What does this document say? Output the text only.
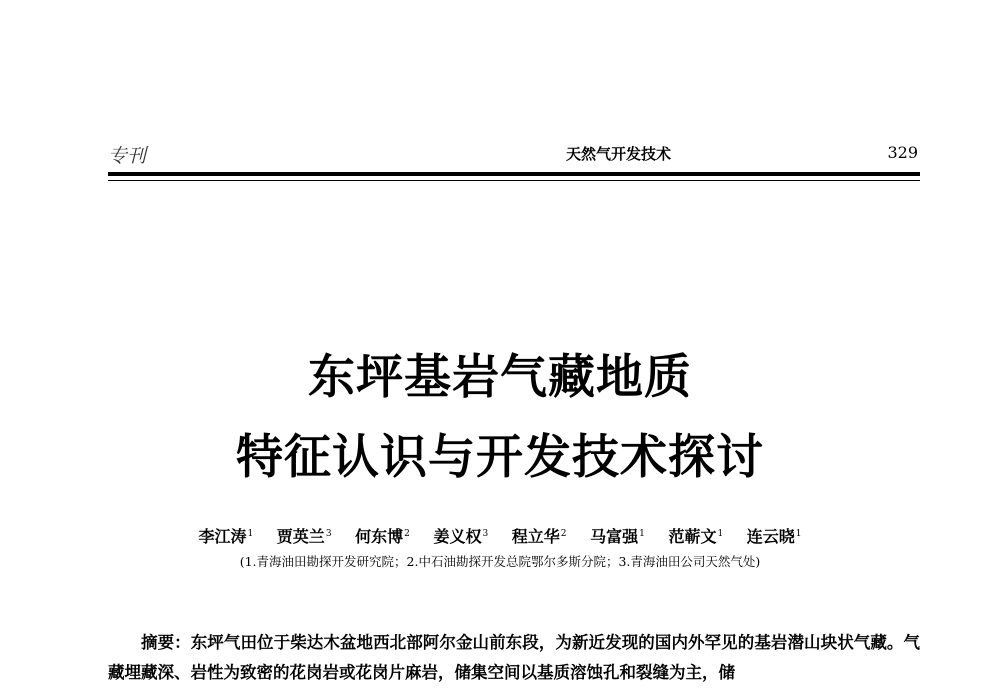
专刊	天然气开发技术	329
东坪基岩气藏地质
特征认识与开发技术探讨
李江涛$^1$ 贾英兰$^3$ 何东博$^2$ 姜义权$^3$ 程立华$^2$ 马富强$^1$ 范蕲文$^1$ 连云晓$^1$
(1.青海油田勘探开发研究院；2.中石油勘探开发总院鄂尔多斯分院；3.青海油田公司天然气处)

摘要：东坪气田位于柴达木盆地西北部阿尔金山前东段，为新近发现的国内外罕见的基岩潜山块状气藏。气藏埋藏深、岩性为致密的花岗岩或花岗片麻岩，储集空间以基质溶蚀孔和裂缝为主，储
